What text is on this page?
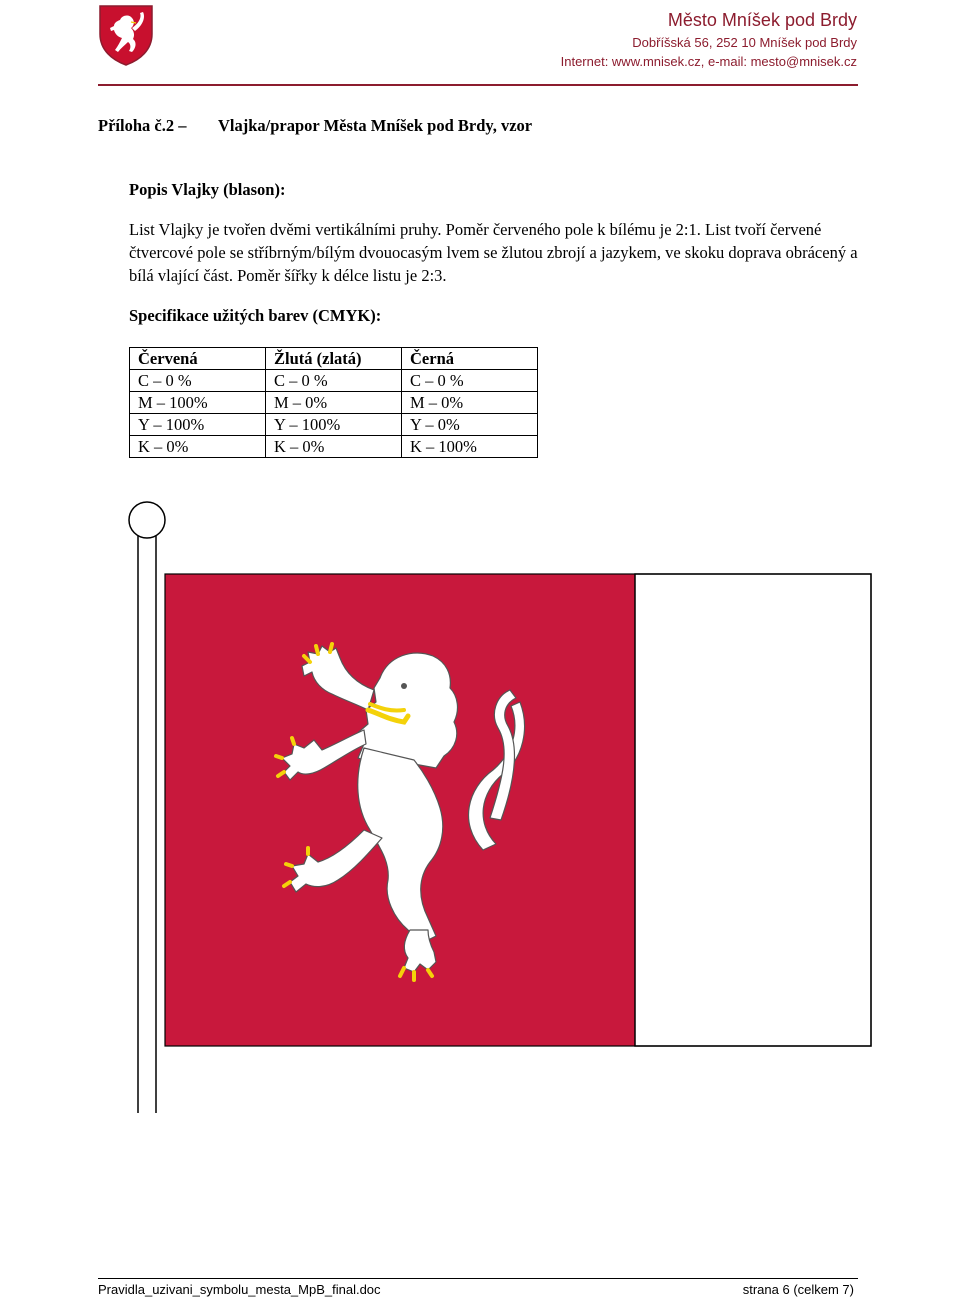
Město Mníšek pod Brdy
Dobříšská 56, 252 10 Mníšek pod Brdy
Internet: www.mnisek.cz, e-mail: mesto@mnisek.cz
Příloha č.2 – Vlajka/prapor Města Mníšek pod Brdy, vzor
Popis Vlajky (blason):

List Vlajky je tvořen dvěmi vertikálními pruhy. Poměr červeného pole k bílému je 2:1. List tvoří červené čtvercové pole se stříbrným/bílým dvouocasým lvem se žlutou zbrojí a jazykem, ve skoku doprava obrácený a bílá vlající část. Poměr šířky k délce listu je 2:3.

Specifikace užitých barev (CMYK):
Červená	Žlutá (zlatá)	Černá
C – 0 %	C – 0 %	C – 0 %
M – 100%	M – 0%	M – 0%
Y – 100%	Y – 100%	Y – 0%
K – 0%	K – 0%	K – 100%
Pravidla_uzivani_symbolu_mesta_MpB_final.doc	strana 6 (celkem 7)
